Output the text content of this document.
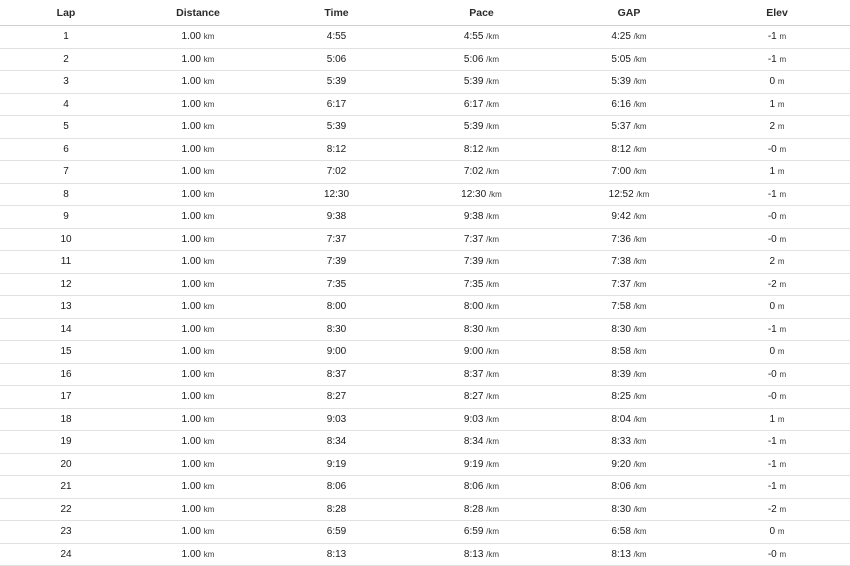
Lap	Distance	Time	Pace	GAP	Elev
1	1.00 km	4:55	4:55 /km	4:25 /km	-1 m
2	1.00 km	5:06	5:06 /km	5:05 /km	-1 m
3	1.00 km	5:39	5:39 /km	5:39 /km	0 m
4	1.00 km	6:17	6:17 /km	6:16 /km	1 m
5	1.00 km	5:39	5:39 /km	5:37 /km	2 m
6	1.00 km	8:12	8:12 /km	8:12 /km	-0 m
7	1.00 km	7:02	7:02 /km	7:00 /km	1 m
8	1.00 km	12:30	12:30 /km	12:52 /km	-1 m
9	1.00 km	9:38	9:38 /km	9:42 /km	-0 m
10	1.00 km	7:37	7:37 /km	7:36 /km	-0 m
11	1.00 km	7:39	7:39 /km	7:38 /km	2 m
12	1.00 km	7:35	7:35 /km	7:37 /km	-2 m
13	1.00 km	8:00	8:00 /km	7:58 /km	0 m
14	1.00 km	8:30	8:30 /km	8:30 /km	-1 m
15	1.00 km	9:00	9:00 /km	8:58 /km	0 m
16	1.00 km	8:37	8:37 /km	8:39 /km	-0 m
17	1.00 km	8:27	8:27 /km	8:25 /km	-0 m
18	1.00 km	9:03	9:03 /km	8:04 /km	1 m
19	1.00 km	8:34	8:34 /km	8:33 /km	-1 m
20	1.00 km	9:19	9:19 /km	9:20 /km	-1 m
21	1.00 km	8:06	8:06 /km	8:06 /km	-1 m
22	1.00 km	8:28	8:28 /km	8:30 /km	-2 m
23	1.00 km	6:59	6:59 /km	6:58 /km	0 m
24	1.00 km	8:13	8:13 /km	8:13 /km	-0 m
